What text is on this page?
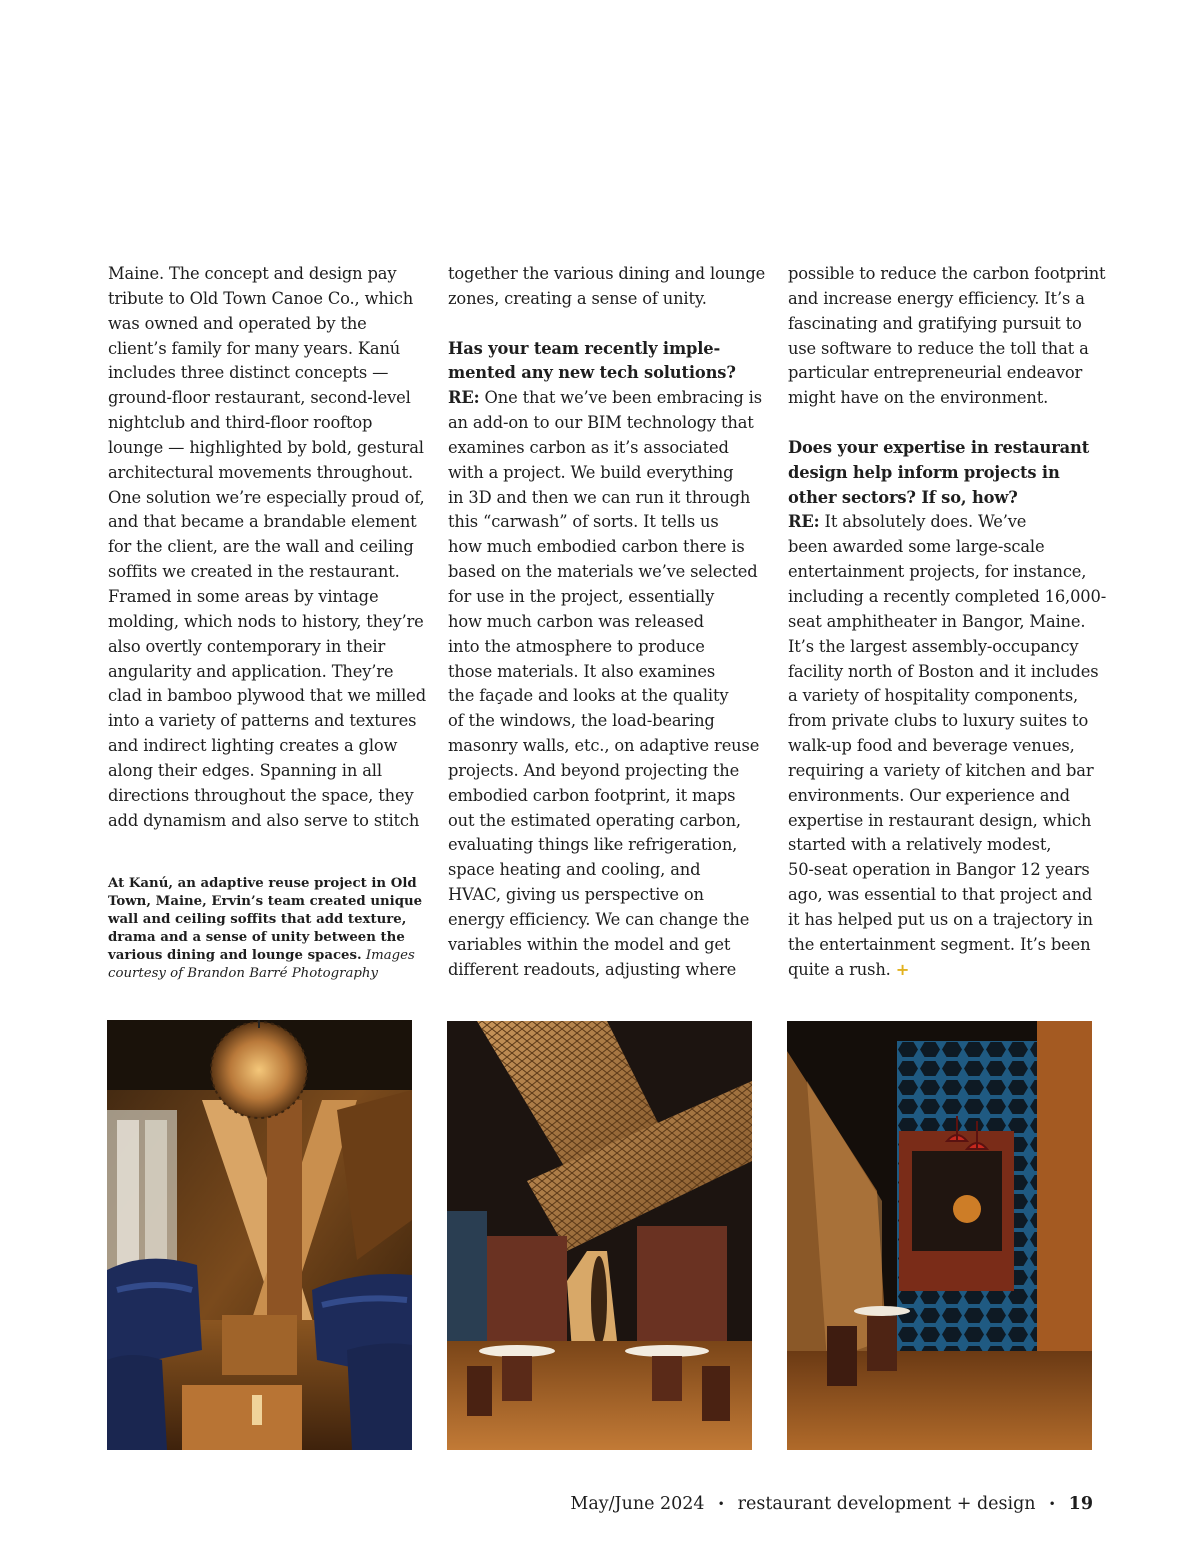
Maine. The concept and design pay
tribute to Old Town Canoe Co., which
was owned and operated by the
client’s family for many years. Kanú
includes three distinct concepts —
ground-floor restaurant, second-level
nightclub and third-floor rooftop
lounge — highlighted by bold, gestural
architectural movements throughout.
One solution we’re especially proud of,
and that became a brandable element
for the client, are the wall and ceiling
soffits we created in the restaurant.
Framed in some areas by vintage
molding, which nods to history, they’re
also overtly contemporary in their
angularity and application. They’re
clad in bamboo plywood that we milled
into a variety of patterns and textures
and indirect lighting creates a glow
along their edges. Spanning in all
directions throughout the space, they
add dynamism and also serve to stitch
At Kanú, an adaptive reuse project in Old
Town, Maine, Ervin’s team created unique
wall and ceiling soffits that add texture,
drama and a sense of unity between the
various dining and lounge spaces. Images
courtesy of Brandon Barré Photography
together the various dining and lounge
zones, creating a sense of unity.
Has your team recently imple-
mented any new tech solutions?
RE: One that we’ve been embracing is
an add-on to our BIM technology that
examines carbon as it’s associated
with a project. We build everything
in 3D and then we can run it through
this “carwash” of sorts. It tells us
how much embodied carbon there is
based on the materials we’ve selected
for use in the project, essentially
how much carbon was released
into the atmosphere to produce
those materials. It also examines
the façade and looks at the quality
of the windows, the load-bearing
masonry walls, etc., on adaptive reuse
projects. And beyond projecting the
embodied carbon footprint, it maps
out the estimated operating carbon,
evaluating things like refrigeration,
space heating and cooling, and
HVAC, giving us perspective on
energy efficiency. We can change the
variables within the model and get
different readouts, adjusting where
possible to reduce the carbon footprint
and increase energy efficiency. It’s a
fascinating and gratifying pursuit to
use software to reduce the toll that a
particular entrepreneurial endeavor
might have on the environment.
Does your expertise in restaurant
design help inform projects in
other sectors? If so, how?
RE: It absolutely does. We’ve
been awarded some large-scale
entertainment projects, for instance,
including a recently completed 16,000-
seat amphitheater in Bangor, Maine.
It’s the largest assembly-occupancy
facility north of Boston and it includes
a variety of hospitality components,
from private clubs to luxury suites to
walk-up food and beverage venues,
requiring a variety of kitchen and bar
environments. Our experience and
expertise in restaurant design, which
started with a relatively modest,
50-seat operation in Bangor 12 years
ago, was essential to that project and
it has helped put us on a trajectory in
the entertainment segment. It’s been
quite a rush. +
May/June 2024 • restaurant development + design • 19
